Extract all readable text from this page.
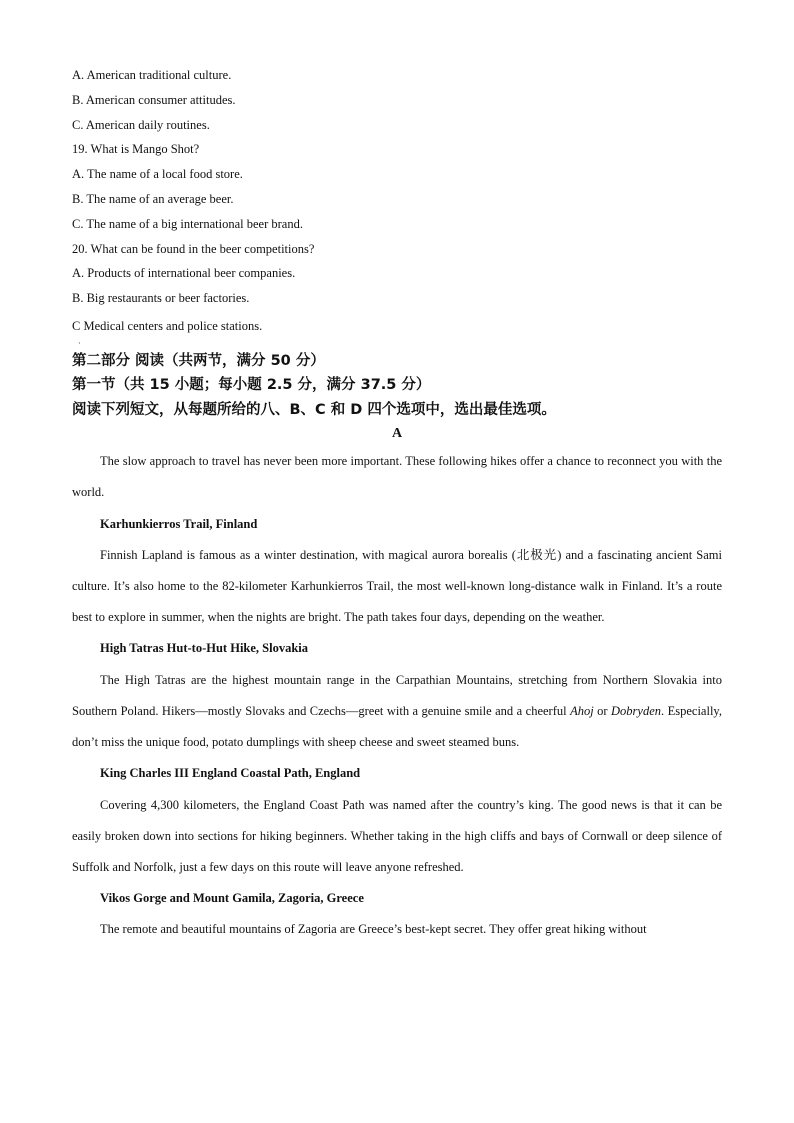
A. American traditional culture.
B. American consumer attitudes.
C. American daily routines.
19. What is Mango Shot?
A. The name of a local food store.
B. The name of an average beer.
C. The name of a big international beer brand.
20. What can be found in the beer competitions?
A. Products of international beer companies.
B. Big restaurants or beer factories.
C Medical centers and police stations.
·
第二部分 阅读（共两节，满分 50 分）
第一节（共 15 小题；每小题 2.5 分，满分 37.5 分）
阅读下列短文，从每题所给的八、B、C 和 D 四个选项中，选出最佳选项。
A

The slow approach to travel has never been more important. These following hikes offer a chance to reconnect you with the world.

Karhunkierros Trail, Finland

Finnish Lapland is famous as a winter destination, with magical aurora borealis (北极光) and a fascinating ancient Sami culture. It’s also home to the 82-kilometer Karhunkierros Trail, the most well-known long-distance walk in Finland. It’s a route best to explore in summer, when the nights are bright. The path takes four days, depending on the weather.

High Tatras Hut-to-Hut Hike, Slovakia

The High Tatras are the highest mountain range in the Carpathian Mountains, stretching from Northern Slovakia into Southern Poland. Hikers—mostly Slovaks and Czechs—greet with a genuine smile and a cheerful Ahoj or Dobryden. Especially, don’t miss the unique food, potato dumplings with sheep cheese and sweet steamed buns.

King Charles III England Coastal Path, England

Covering 4,300 kilometers, the England Coast Path was named after the country’s king. The good news is that it can be easily broken down into sections for hiking beginners. Whether taking in the high cliffs and bays of Cornwall or deep silence of Suffolk and Norfolk, just a few days on this route will leave anyone refreshed.

Vikos Gorge and Mount Gamila, Zagoria, Greece

The remote and beautiful mountains of Zagoria are Greece’s best-kept secret. They offer great hiking without
